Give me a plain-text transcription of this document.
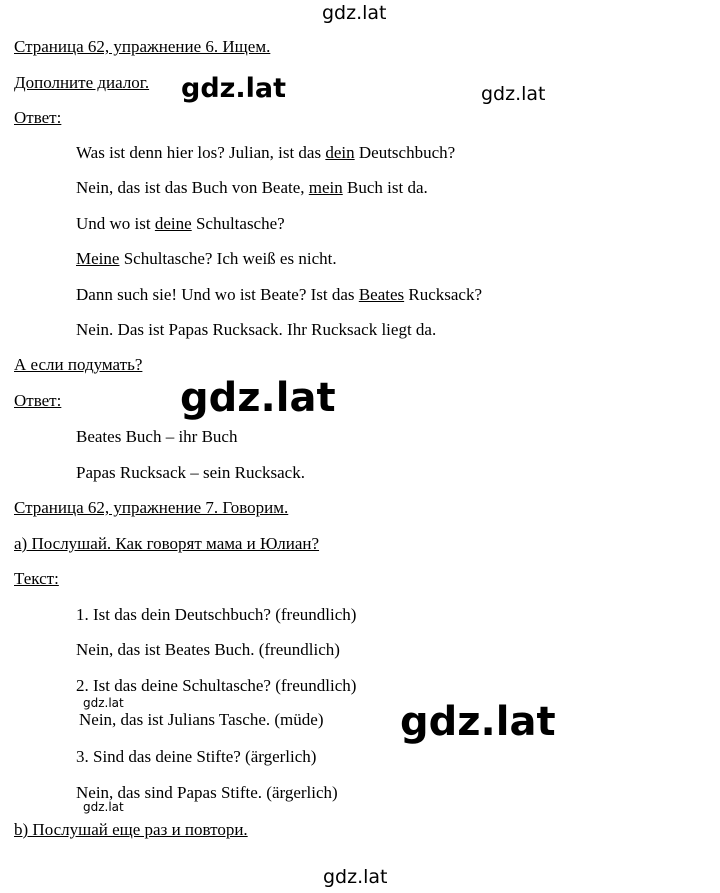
gdz.lat
gdz.lat
gdz.lat
gdz.lat
gdz.lat
gdz.lat
gdz.lat
gdz.lat
Страница 62, упражнение 6. Ищем.
Дополните диалог.
Ответ:
Was ist denn hier los? Julian, ist das dein Deutschbuch?
Nein, das ist das Buch von Beate, mein Buch ist da.
Und wo ist deine Schultasche?
Meine Schultasche? Ich weiß es nicht.
Dann such sie! Und wo ist Beate? Ist das Beates Rucksack?
Nein. Das ist Papas Rucksack. Ihr Rucksack liegt da.
А если подумать?
Ответ:
Beates Buch – ihr Buch
Papas Rucksack – sein Rucksack.
Страница 62, упражнение 7. Говорим.
а) Послушай. Как говорят мама и Юлиан?
Текст:
1. Ist das dein Deutschbuch? (freundlich)
Nein, das ist Beates Buch. (freundlich)
2. Ist das deine Schultasche? (freundlich)
Nein, das ist Julians Tasche. (müde)
3. Sind das deine Stifte? (ärgerlich)
Nein, das sind Papas Stifte. (ärgerlich)
b) Послушай еще раз и повтори.
